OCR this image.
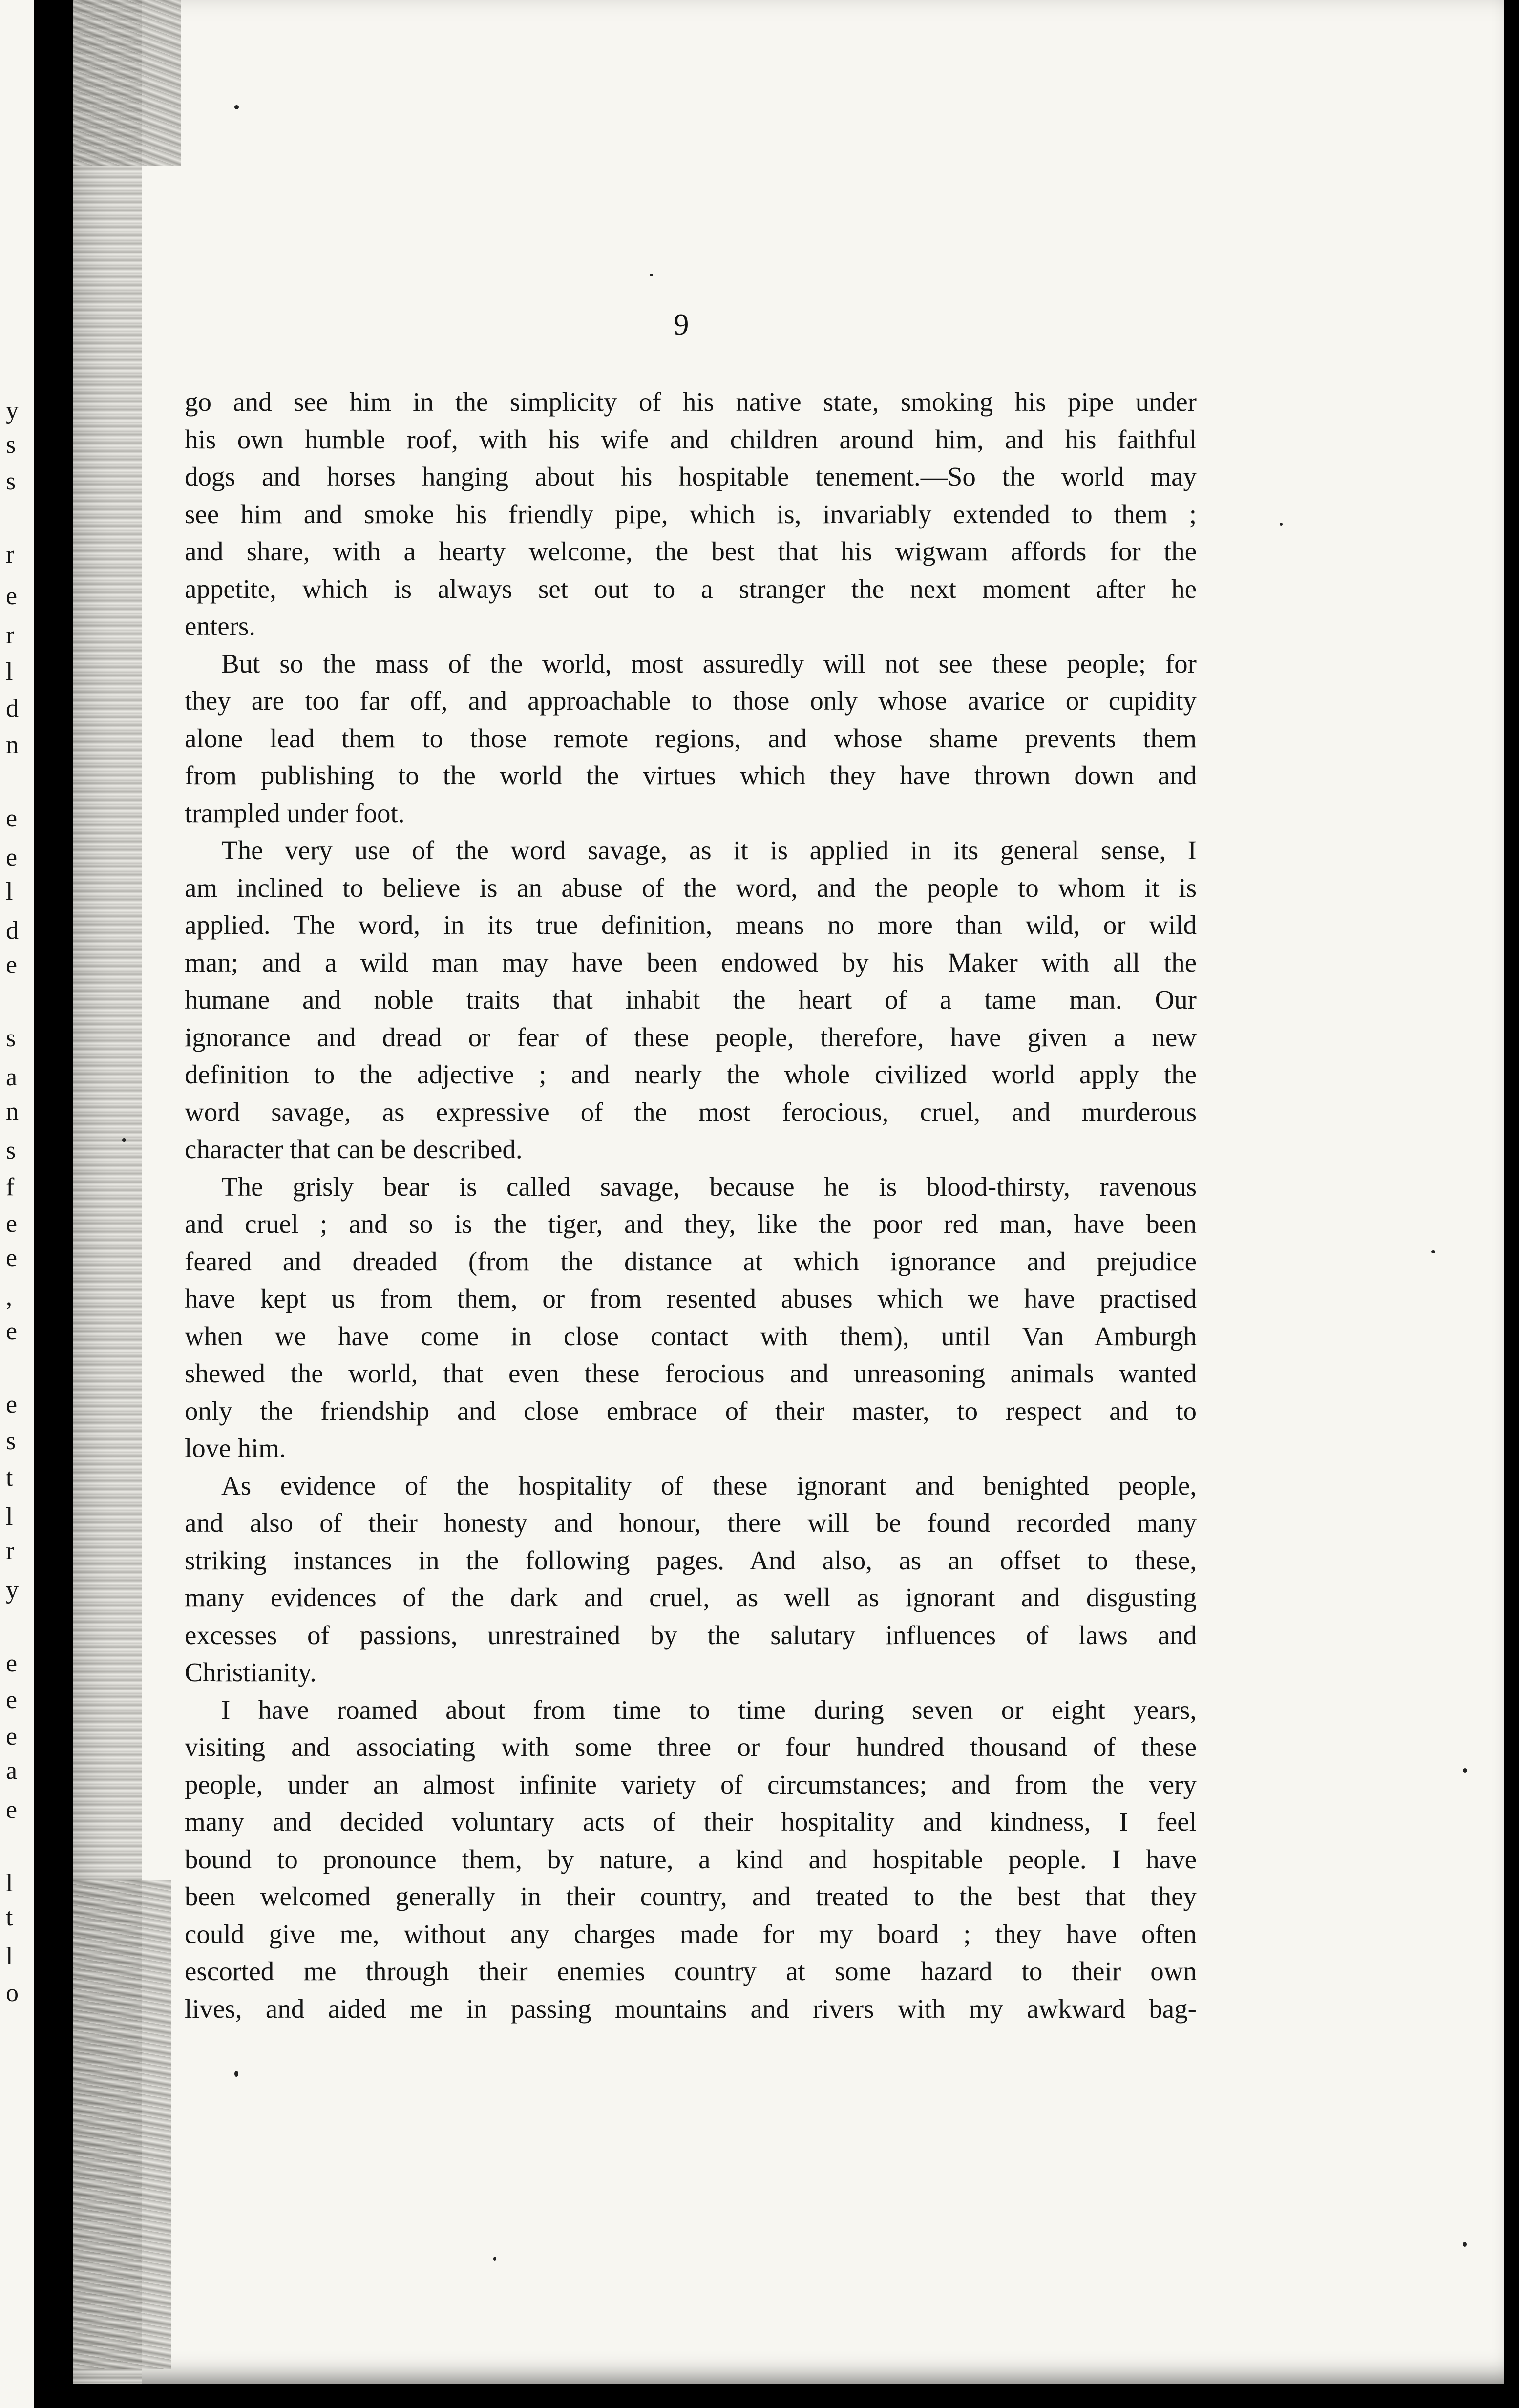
y
s
s
r
e
r
l
d
n
e
e
l
d
e
s
a
n
s
f
e
e
,
e
e
s
t
l
r
y
e
e
e
a
e
l
t
l
o
9
go and see him in the simplicity of his native state, smoking his pipe under
his own humble roof, with his wife and children around him, and his faithful
dogs and horses hanging about his hospitable tenement.—So the world may
see him and smoke his friendly pipe, which is, invariably extended to them ;
and share, with a hearty welcome, the best that his wigwam affords for the
appetite, which is always set out to a stranger the next moment after he
enters.
But so the mass of the world, most assuredly will not see these people; for
they are too far off, and approachable to those only whose avarice or cupidity
alone lead them to those remote regions, and whose shame prevents them
from publishing to the world the virtues which they have thrown down and
trampled under foot.
The very use of the word savage, as it is applied in its general sense, I
am inclined to believe is an abuse of the word, and the people to whom it is
applied. The word, in its true definition, means no more than wild, or wild
man; and a wild man may have been endowed by his Maker with all the
humane and noble traits that inhabit the heart of a tame man. Our
ignorance and dread or fear of these people, therefore, have given a new
definition to the adjective ; and nearly the whole civilized world apply the
word savage, as expressive of the most ferocious, cruel, and murderous
character that can be described.
The grisly bear is called savage, because he is blood-thirsty, ravenous
and cruel ; and so is the tiger, and they, like the poor red man, have been
feared and dreaded (from the distance at which ignorance and prejudice
have kept us from them, or from resented abuses which we have practised
when we have come in close contact with them), until Van Amburgh
shewed the world, that even these ferocious and unreasoning animals wanted
only the friendship and close embrace of their master, to respect and to
love him.
As evidence of the hospitality of these ignorant and benighted people,
and also of their honesty and honour, there will be found recorded many
striking instances in the following pages. And also, as an offset to these,
many evidences of the dark and cruel, as well as ignorant and disgusting
excesses of passions, unrestrained by the salutary influences of laws and
Christianity.
I have roamed about from time to time during seven or eight years,
visiting and associating with some three or four hundred thousand of these
people, under an almost infinite variety of circumstances; and from the very
many and decided voluntary acts of their hospitality and kindness, I feel
bound to pronounce them, by nature, a kind and hospitable people. I have
been welcomed generally in their country, and treated to the best that they
could give me, without any charges made for my board ; they have often
escorted me through their enemies country at some hazard to their own
lives, and aided me in passing mountains and rivers with my awkward bag-
